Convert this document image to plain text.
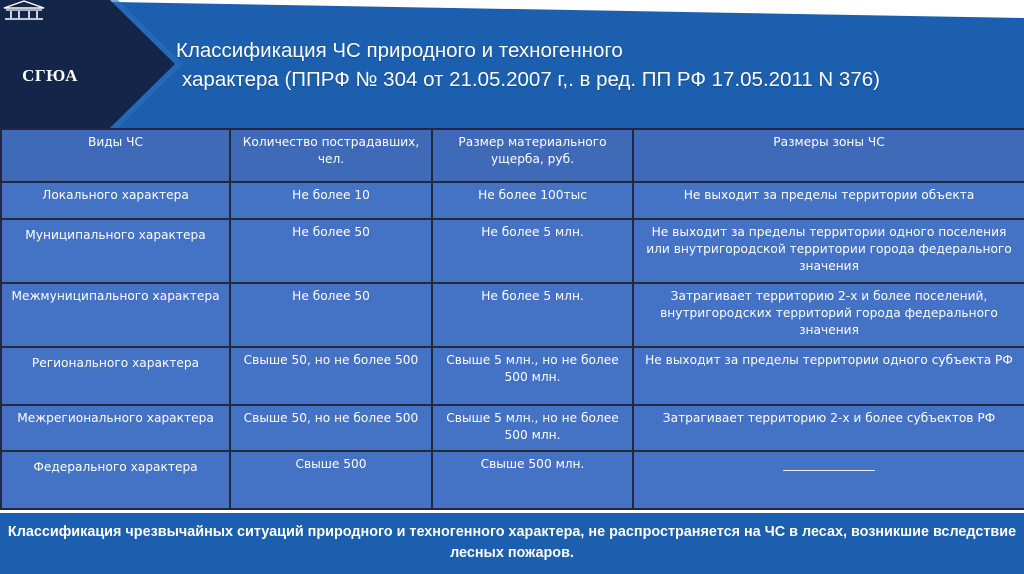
СГЮА
Классификация ЧС природного и техногенного

характера (ППРФ № 304 от 21.05.2007 г,. в ред. ПП РФ 17.05.2011 N 376)
Виды ЧС	Количество пострадавших, чел.	Размер материального ущерба, руб.	Размеры зоны ЧС
Локального характера	Не более 10	Не более 100тыс	Не выходит за пределы территории объекта
Муниципального характера	Не более 50	Не более 5 млн.	Не выходит за пределы территории одного поселения или внутригородской территории города федерального значения
Межмуниципального характера	Не более 50	Не более 5 млн.	Затрагивает территорию 2-х и более поселений, внутригородских территорий города федерального значения
Регионального характера	Свыше 50, но не более 500	Свыше 5 млн., но не более 500 млн.	Не выходит за пределы территории одного субъекта РФ
Межрегионального характера	Свыше 50, но не более 500	Свыше 5 млн., но не более 500 млн.	Затрагивает территорию 2-х и более субъектов РФ
Федерального характера	Свыше 500	Свыше 500 млн.	_______________
Классификация чрезвычайных ситуаций природного и техногенного характера, не распространяется на ЧС в лесах, возникшие вследствие лесных пожаров.
